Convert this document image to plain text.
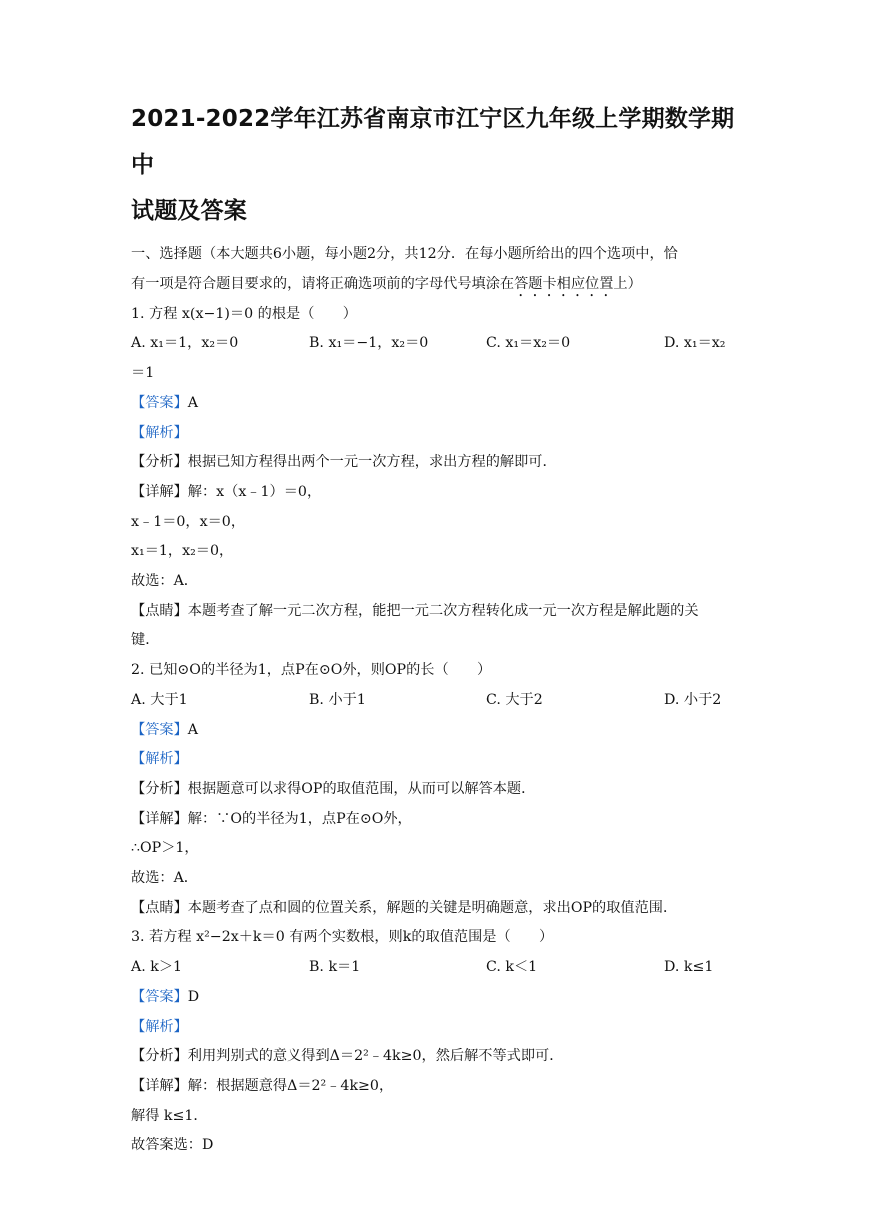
2021-2022学年江苏省南京市江宁区九年级上学期数学期中
试题及答案
一、选择题（本大题共6小题，每小题2分，共12分．在每小题所给出的四个选项中，恰
有一项是符合题目要求的，请将正确选项前的字母代号填涂在答题卡相应位置上）
1. 方程 x(x−1)＝0 的根是（　　）
A. x₁＝1，x₂＝0	B. x₁＝−1，x₂＝0	C. x₁＝x₂＝0	D. x₁＝x₂
＝1
【答案】A
【解析】
【分析】根据已知方程得出两个一元一次方程，求出方程的解即可．
【详解】解：x（x﹣1）＝0，
x﹣1＝0，x＝0，
x₁＝1，x₂＝0，
故选：A．
【点睛】本题考查了解一元二次方程，能把一元二次方程转化成一元一次方程是解此题的关
键．
2. 已知⊙O的半径为1，点P在⊙O外，则OP的长（　　）
A. 大于1	B. 小于1	C. 大于2	D. 小于2
【答案】A
【解析】
【分析】根据题意可以求得OP的取值范围，从而可以解答本题．
【详解】解：∵O的半径为1，点P在⊙O外，
∴OP＞1，
故选：A．
【点睛】本题考查了点和圆的位置关系，解题的关键是明确题意，求出OP的取值范围．
3. 若方程 x²−2x＋k＝0 有两个实数根，则k的取值范围是（　　）
A. k＞1	B. k＝1	C. k＜1	D. k≤1
【答案】D
【解析】
【分析】利用判别式的意义得到Δ＝2²﹣4k≥0，然后解不等式即可．
【详解】解：根据题意得Δ＝2²﹣4k≥0，
解得 k≤1．
故答案选：D
